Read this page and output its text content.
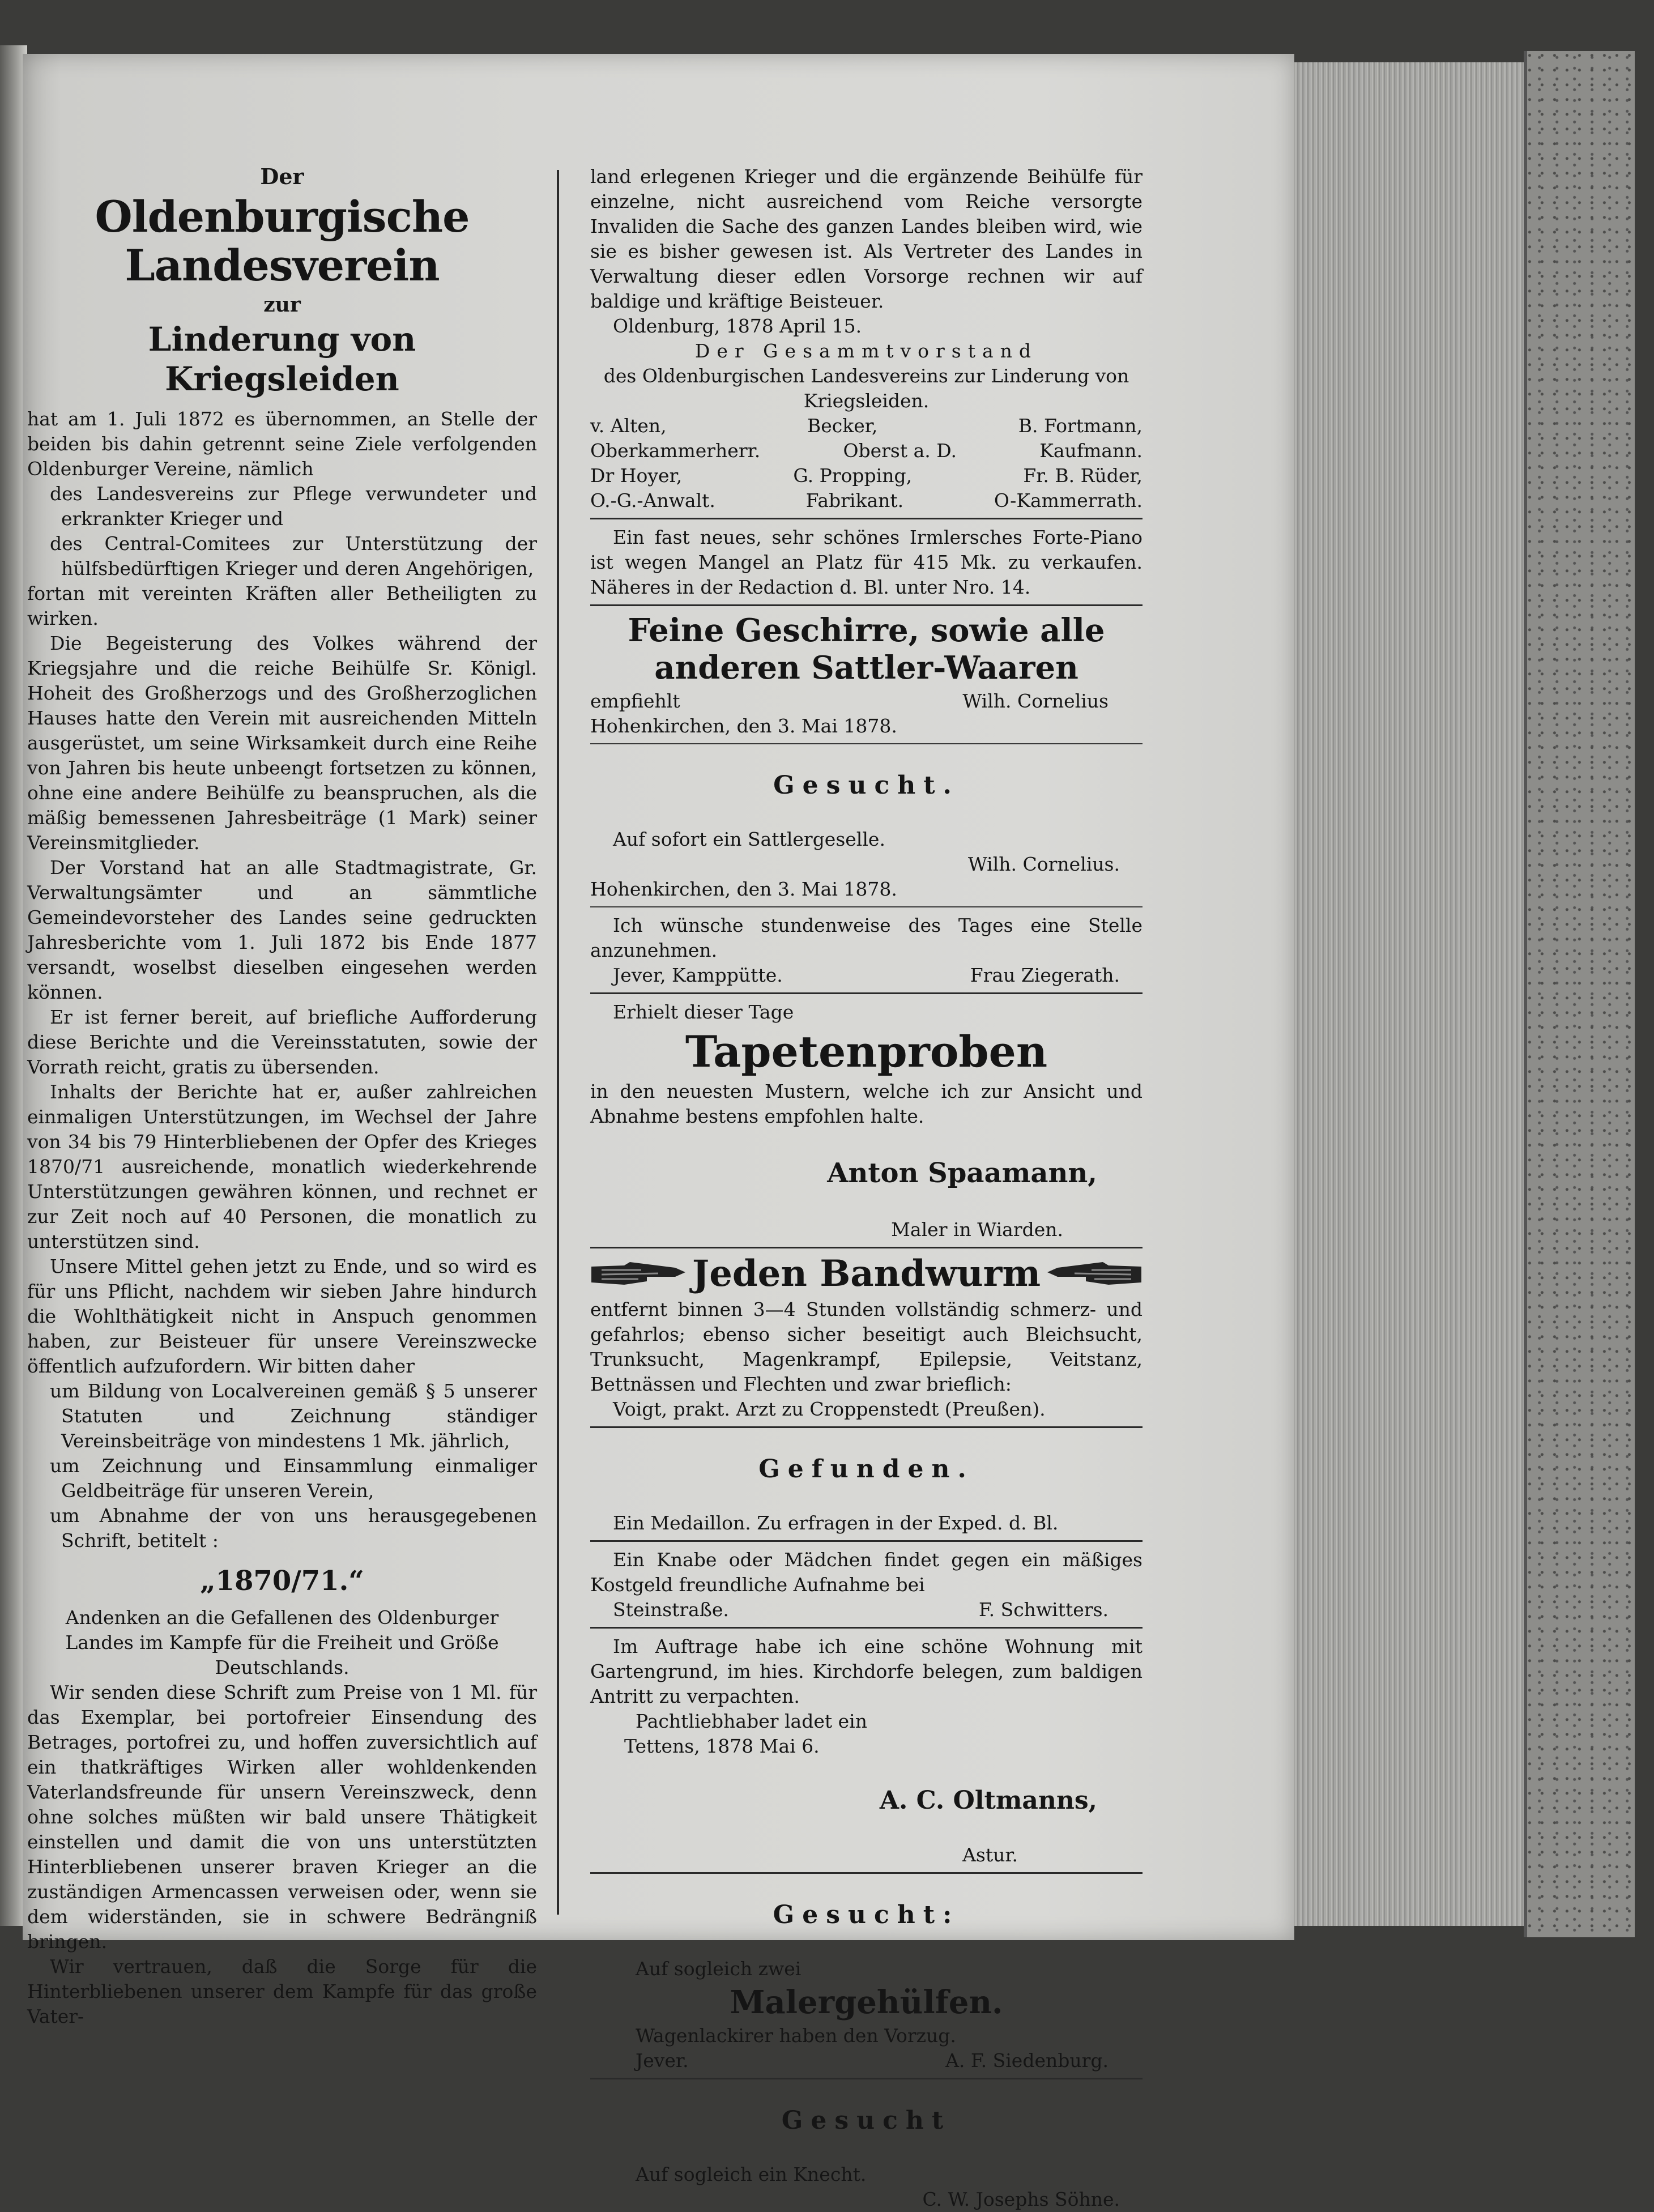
Der

Oldenburgische Landesverein

zur

Linderung von Kriegsleiden

hat am 1. Juli 1872 es übernommen, an Stelle der beiden bis dahin getrennt seine Ziele verfolgenden Oldenburger Vereine, nämlich

des Landesvereins zur Pflege verwundeter und erkrankter Krieger und

des Central-Comitees zur Unterstützung der hülfsbedürftigen Krieger und deren Angehörigen,

fortan mit vereinten Kräften aller Betheiligten zu wirken.

Die Begeisterung des Volkes während der Kriegsjahre und die reiche Beihülfe Sr. Königl. Hoheit des Großherzogs und des Großherzoglichen Hauses hatte den Verein mit ausreichenden Mitteln ausgerüstet, um seine Wirksamkeit durch eine Reihe von Jahren bis heute unbeengt fortsetzen zu können, ohne eine andere Beihülfe zu beanspruchen, als die mäßig bemessenen Jahresbeiträge (1 Mark) seiner Vereinsmitglieder.

Der Vorstand hat an alle Stadtmagistrate, Gr. Verwaltungsämter und an sämmtliche Gemeindevorsteher des Landes seine gedruckten Jahresberichte vom 1. Juli 1872 bis Ende 1877 versandt, woselbst dieselben eingesehen werden können.

Er ist ferner bereit, auf briefliche Aufforderung diese Berichte und die Vereinsstatuten, sowie der Vorrath reicht, gratis zu übersenden.

Inhalts der Berichte hat er, außer zahlreichen einmaligen Unterstützungen, im Wechsel der Jahre von 34 bis 79 Hinterbliebenen der Opfer des Krieges 1870/71 ausreichende, monatlich wiederkehrende Unterstützungen gewähren können, und rechnet er zur Zeit noch auf 40 Personen, die monatlich zu unterstützen sind.

Unsere Mittel gehen jetzt zu Ende, und so wird es für uns Pflicht, nachdem wir sieben Jahre hindurch die Wohlthätigkeit nicht in Anspuch genommen haben, zur Beisteuer für unsere Vereinszwecke öffentlich aufzufordern. Wir bitten daher

um Bildung von Localvereinen gemäß § 5 unserer Statuten und Zeichnung ständiger Vereinsbeiträge von mindestens 1 Mk. jährlich,

um Zeichnung und Einsammlung einmaliger Geldbeiträge für unseren Verein,

um Abnahme der von uns herausgegebenen Schrift, betitelt :

„1870/71.“

Andenken an die Gefallenen des Oldenburger Landes im Kampfe für die Freiheit und Größe Deutschlands.

Wir senden diese Schrift zum Preise von 1 Ml. für das Exemplar, bei portofreier Einsendung des Betrages, portofrei zu, und hoffen zuversichtlich auf ein thatkräftiges Wirken aller wohldenkenden Vaterlandsfreunde für unsern Vereinszweck, denn ohne solches müßten wir bald unsere Thätigkeit einstellen und damit die von uns unterstützten Hinterbliebenen unserer braven Krieger an die zuständigen Armencassen verweisen oder, wenn sie dem widerständen, sie in schwere Bedrängniß bringen.

Wir vertrauen, daß die Sorge für die Hinterbliebenen unserer dem Kampfe für das große Vater-

land erlegenen Krieger und die ergänzende Beihülfe für einzelne, nicht ausreichend vom Reiche versorgte Invaliden die Sache des ganzen Landes bleiben wird, wie sie es bisher gewesen ist. Als Vertreter des Landes in Verwaltung dieser edlen Vorsorge rechnen wir auf baldige und kräftige Beisteuer.

Oldenburg, 1878 April 15.

Der Gesammtvorstand

des Oldenburgischen Landesvereins zur Linderung von Kriegsleiden.

v. Alten,	Becker,	B. Fortmann,
Oberkammerherr.	Oberst a. D.	Kaufmann.
Dr Hoyer,	G. Propping,	Fr. B. Rüder,
O.-G.-Anwalt.	Fabrikant.	O-Kammerrath.

Ein fast neues, sehr schönes Irmlersches Forte-Piano ist wegen Mangel an Platz für 415 Mk. zu verkaufen. Näheres in der Redaction d. Bl. unter Nro. 14.

Feine Geschirre, sowie alle anderen Sattler-Waaren

empfiehlt	Wilh. Cornelius

Hohenkirchen, den 3. Mai 1878.

Gesucht.

Auf sofort ein Sattlergeselle.

Wilh. Cornelius.

Hohenkirchen, den 3. Mai 1878.

Ich wünsche stundenweise des Tages eine Stelle anzunehmen.

Jever, Kamppütte.	Frau Ziegerath.

Erhielt dieser Tage

Tapetenproben

in den neuesten Mustern, welche ich zur Ansicht und Abnahme bestens empfohlen halte.

Anton Spaamann,

Maler in Wiarden.

Jeden Bandwurm

entfernt binnen 3—4 Stunden vollständig schmerz- und gefahrlos; ebenso sicher beseitigt auch Bleichsucht, Trunksucht, Magenkrampf, Epilepsie, Veitstanz, Bettnässen und Flechten und zwar brieflich:

Voigt, prakt. Arzt zu Croppenstedt (Preußen).

Gefunden.

Ein Medaillon. Zu erfragen in der Exped. d. Bl.

Ein Knabe oder Mädchen findet gegen ein mäßiges Kostgeld freundliche Aufnahme bei

Steinstraße.	F. Schwitters.

Im Auftrage habe ich eine schöne Wohnung mit Gartengrund, im hies. Kirchdorfe belegen, zum baldigen Antritt zu verpachten.

Pachtliebhaber ladet ein

Tettens, 1878 Mai 6.

A. C. Oltmanns,

Astur.

Gesucht:

Auf sogleich zwei

Malergehülfen.

Wagenlackirer haben den Vorzug.

Jever.	A. F. Siedenburg.

Gesucht

Auf sogleich ein Knecht.

C. W. Josephs Söhne.
